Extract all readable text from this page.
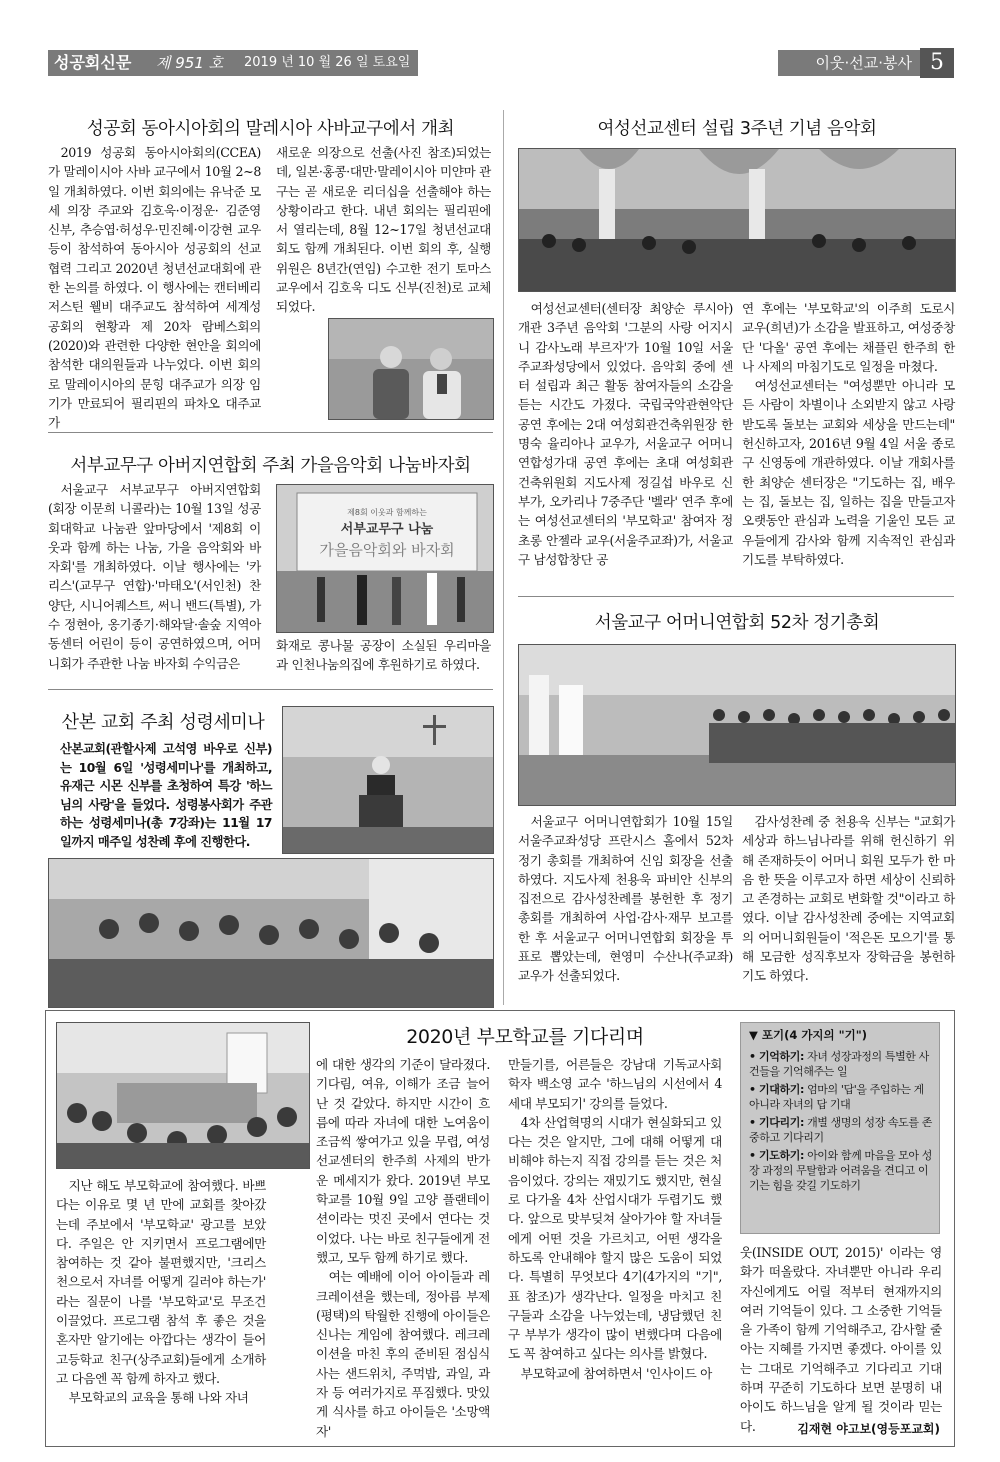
성공회신문 제 951 호 2019 년 10 월 26 일 토요일	이웃·선교·봉사 5
성공회 동아시아회의 말레시아 사바교구에서 개최

2019 성공회 동아시아회의(CCEA)가 말레이시아 사바 교구에서 10월 2~8일 개최하였다. 이번 회의에는 유낙준 모세 의장 주교와 김호욱·이정운· 김준영 신부, 추승엽·허성우·민진혜·이강현 교우 등이 참석하여 동아시아 성공회의 선교 협력 그리고 2020년 청년선교대회에 관한 논의를 하였다. 이 행사에는 캔터베리 저스틴 웰비 대주교도 참석하여 세계성공회의 현황과 제 20차 람베스회의(2020)와 관련한 다양한 현안을 회의에 참석한 대의원들과 나누었다. 이번 회의로 말레이시아의 문힝 대주교가 의장 임기가 만료되어 필리핀의 파차오 대주교가

새로운 의장으로 선출(사진 참조)되었는데, 일본·홍콩·대만·말레이시아 미얀마 관구는 곧 새로운 리더십을 선출해야 하는 상황이라고 한다. 내년 회의는 필리핀에서 열리는데, 8월 12~17일 청년선교대회도 함께 개최된다. 이번 회의 후, 실행위원은 8년간(연임) 수고한 전기 토마스 교우에서 김호욱 디도 신부(진천)로 교체되었다.

서부교무구 아버지연합회 주최 가을음악회 나눔바자회

서울교구 서부교무구 아버지연합회(회장 이문희 니콜라)는 10월 13일 성공회대학교 나눔관 앞마당에서 '제8회 이웃과 함께 하는 나눔, 가을 음악회와 바자회'를 개최하였다. 이날 행사에는 '카리스'(교무구 연합)·'마태오'(서인천) 찬양단, 시니어퀘스트, 써니 밴드(특별), 가수 정현아, 옹기종기·해와달·솔숲 지역아동센터 어린이 등이 공연하였으며, 어머니회가 주관한 나눔 바자회 수익금은

제8회 이웃과 함께하는
서부교무구 나눔
가을음악회와 바자회

화재로 콩나물 공장이 소실된 우리마을과 인천나눔의집에 후원하기로 하였다.

산본 교회 주최 성령세미나
산본교회(관할사제 고석영 바우로 신부)는 10월 6일 '성령세미나'를 개최하고, 유재근 시몬 신부를 초청하여 특강 '하느님의 사랑'을 들었다. 성령봉사회가 주관하는 성령세미나(총 7강좌)는 11월 17일까지 매주일 성찬례 후에 진행한다.
여성선교센터 설립 3주년 기념 음악회

여성선교센터(센터장 최양순 루시아) 개관 3주년 음악회 '그분의 사랑 어지시니 감사노래 부르자'가 10월 10일 서울주교좌성당에서 있었다. 음악회 중에 센터 설립과 최근 활동 참여자들의 소감을 듣는 시간도 가졌다. 국립국악관현악단 공연 후에는 2대 여성회관건축위원장 한명숙 율리아나 교우가, 서울교구 어머니연합성가대 공연 후에는 초대 여성회관 건축위원회 지도사제 정길섭 바우로 신부가, 오카리나 7중주단 '벨라' 연주 후에는 여성선교센터의 '부모학교' 참여자 정초롱 안젤라 교우(서울주교좌)가, 서울교구 남성합창단 공

연 후에는 '부모학교'의 이주희 도로시 교우(희년)가 소감을 발표하고, 여성중창단 '다올' 공연 후에는 채플린 한주희 한나 사제의 마침기도로 일정을 마쳤다.

여성선교센터는 "여성뿐만 아니라 모든 사람이 차별이나 소외받지 않고 사랑받도록 돌보는 교회와 세상을 만드는데" 헌신하고자, 2016년 9월 4일 서울 종로구 신영동에 개관하였다. 이날 개회사를 한 최양순 센터장은 "기도하는 집, 배우는 집, 돌보는 집, 일하는 집을 만들고자 오랫동안 관심과 노력을 기울인 모든 교우들에게 감사와 함께 지속적인 관심과 기도를 부탁하였다.

서울교구 어머니연합회 52차 정기총회

서울교구 어머니연합회가 10월 15일 서울주교좌성당 프란시스 홀에서 52차 정기 총회를 개최하여 신임 회장을 선출하였다. 지도사제 천용욱 파비안 신부의 집전으로 감사성찬례를 봉헌한 후 정기총회를 개최하여 사업·감사·재무 보고를 한 후 서울교구 어머니연합회 회장을 투표로 뽑았는데, 현영미 수산나(주교좌) 교우가 선출되었다.

감사성찬례 중 천용욱 신부는 "교회가 세상과 하느님나라를 위해 헌신하기 위해 존재하듯이 어머니 회원 모두가 한 마음 한 뜻을 이루고자 하면 세상이 신뢰하고 존경하는 교회로 변화할 것"이라고 하였다. 이날 감사성찬례 중에는 지역교회의 어머니회원들이 '적은돈 모으기'를 통해 모금한 성직후보자 장학금을 봉헌하기도 하였다.

2020년 부모학교를 기다리며

지난 해도 부모학교에 참여했다. 바쁘다는 이유로 몇 년 만에 교회를 찾아갔는데 주보에서 '부모학교' 광고를 보았다. 주일은 안 지키면서 프로그램에만 참여하는 것 같아 불편했지만, '크리스천으로서 자녀를 어떻게 길러야 하는가' 라는 질문이 나를 '부모학교'로 무조건 이끌었다. 프로그램 참석 후 좋은 것을 혼자만 알기에는 아깝다는 생각이 들어 고등학교 친구(상주교회)들에게 소개하고 다음엔 꼭 함께 하자고 했다.

부모학교의 교육을 통해 나와 자녀

에 대한 생각의 기준이 달라졌다. 기다림, 여유, 이해가 조금 늘어난 것 같았다. 하지만 시간이 흐름에 따라 자녀에 대한 노여움이 조금씩 쌓여가고 있을 무렵, 여성선교센터의 한주희 사제의 반가운 메세지가 왔다. 2019년 부모학교를 10월 9일 고양 플랜테이션이라는 멋진 곳에서 연다는 것이었다. 나는 바로 친구들에게 전했고, 모두 함께 하기로 했다.

여는 예배에 이어 아이들과 레크레이션을 했는데, 정아름 부제(평택)의 탁월한 진행에 아이들은 신나는 게임에 참여했다. 레크레이션을 마친 후의 준비된 점심식사는 샌드위치, 주먹밥, 과일, 과자 등 여러가지로 푸짐했다. 맛있게 식사를 하고 아이들은 '소망액자'

만들기를, 어른들은 강남대 기독교사회학자 백소영 교수 '하느님의 시선에서 4세대 부모되기' 강의를 들었다.

4차 산업혁명의 시대가 현실화되고 있다는 것은 알지만, 그에 대해 어떻게 대비해야 하는지 직접 강의를 듣는 것은 처음이었다. 강의는 재밌기도 했지만, 현실로 다가올 4차 산업시대가 두렵기도 했다. 앞으로 맞부딪쳐 살아가야 할 자녀들에게 어떤 것을 가르치고, 어떤 생각을 하도록 안내해야 할지 많은 도움이 되었다. 특별히 무엇보다 4기(4가지의 "기", 표 참조)가 생각난다. 일정을 마치고 친구들과 소감을 나누었는데, 냉담했던 친구 부부가 생각이 많이 변했다며 다음에도 꼭 참여하고 싶다는 의사를 밝혔다.

부모학교에 참여하면서 '인사이드 아

▼ 포기(4 가지의 "기")
• 기억하기: 자녀 성장과정의 특별한 사건들을 기억해주는 일
• 기대하기: 엄마의 '답'을 주입하는 게 아니라 자녀의 답 기대
• 기다리기: 개별 생명의 성장 속도를 존중하고 기다리기
• 기도하기: 아이와 함께 마음을 모아 성장 과정의 무탈함과 어려움을 견디고 이기는 힘을 갖길 기도하기

웃(INSIDE OUT, 2015)' 이라는 영화가 떠올랐다. 자녀뿐만 아니라 우리 자신에게도 어릴 적부터 현재까지의 여러 기억들이 있다. 그 소중한 기억들을 가족이 함께 기억해주고, 감사할 줄 아는 지혜를 가지면 좋겠다. 아이를 있는 그대로 기억해주고 기다리고 기대하며 꾸준히 기도하다 보면 분명히 내 아이도 하느님을 알게 될 것이라 믿는다.	김재현 야고보(영등포교회)
